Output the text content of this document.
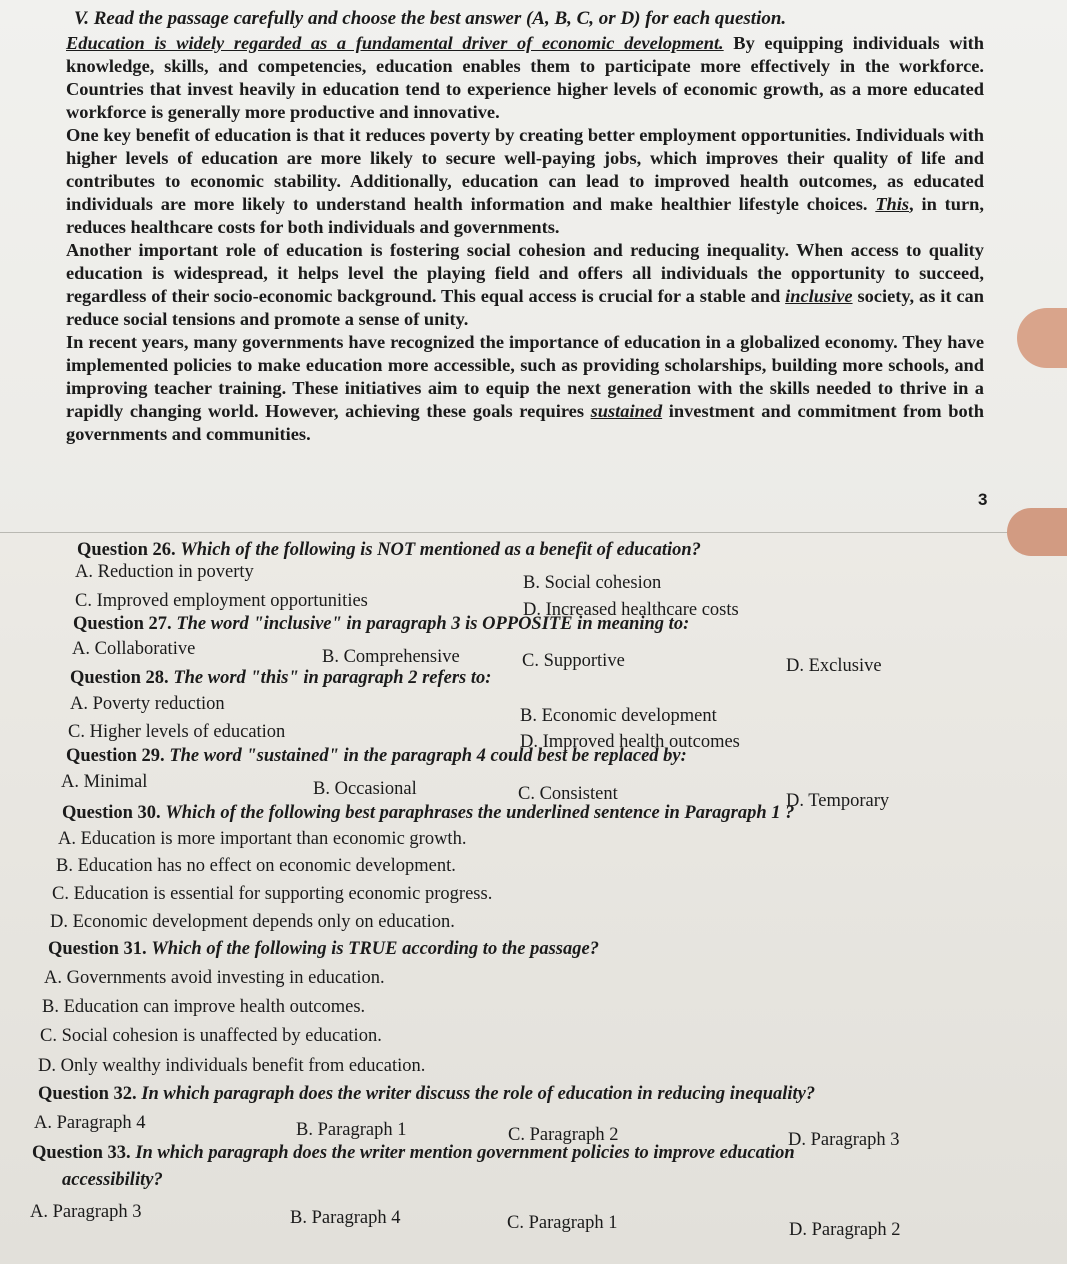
V. Read the passage carefully and choose the best answer (A, B, C, or D) for each question.

Education is widely regarded as a fundamental driver of economic development. By equipping individuals with knowledge, skills, and competencies, education enables them to participate more effectively in the workforce. Countries that invest heavily in education tend to experience higher levels of economic growth, as a more educated workforce is generally more productive and innovative.

One key benefit of education is that it reduces poverty by creating better employment opportunities. Individuals with higher levels of education are more likely to secure well-paying jobs, which improves their quality of life and contributes to economic stability. Additionally, education can lead to improved health outcomes, as educated individuals are more likely to understand health information and make healthier lifestyle choices. This, in turn, reduces healthcare costs for both individuals and governments.

Another important role of education is fostering social cohesion and reducing inequality. When access to quality education is widespread, it helps level the playing field and offers all individuals the opportunity to succeed, regardless of their socio-economic background. This equal access is crucial for a stable and inclusive society, as it can reduce social tensions and promote a sense of unity.

In recent years, many governments have recognized the importance of education in a globalized economy. They have implemented policies to make education more accessible, such as providing scholarships, building more schools, and improving teacher training. These initiatives aim to equip the next generation with the skills needed to thrive in a rapidly changing world. However, achieving these goals requires sustained investment and commitment from both governments and communities.

3
Question 26. Which of the following is NOT mentioned as a benefit of education?
A. Reduction in poverty
B. Social cohesion
C. Improved employment opportunities	D. Increased healthcare costs
Question 27. The word "inclusive" in paragraph 3 is OPPOSITE in meaning to:
A. Collaborative	B. Comprehensive	C. Supportive	D. Exclusive
Question 28. The word "this" in paragraph 2 refers to:
A. Poverty reduction
B. Economic development
C. Higher levels of education	D. Improved health outcomes
Question 29. The word "sustained" in the paragraph 4 could best be replaced by:
A. Minimal	B. Occasional	C. Consistent	D. Temporary
Question 30. Which of the following best paraphrases the underlined sentence in Paragraph 1 ?
A. Education is more important than economic growth.
B. Education has no effect on economic development.
C. Education is essential for supporting economic progress.
D. Economic development depends only on education.
Question 31. Which of the following is TRUE according to the passage?
A. Governments avoid investing in education.
B. Education can improve health outcomes.
C. Social cohesion is unaffected by education.
D. Only wealthy individuals benefit from education.
Question 32. In which paragraph does the writer discuss the role of education in reducing inequality?
A. Paragraph 4	B. Paragraph 1	C. Paragraph 2	D. Paragraph 3
Question 33. In which paragraph does the writer mention government policies to improve education
accessibility?
A. Paragraph 3	B. Paragraph 4	C. Paragraph 1	D. Paragraph 2
